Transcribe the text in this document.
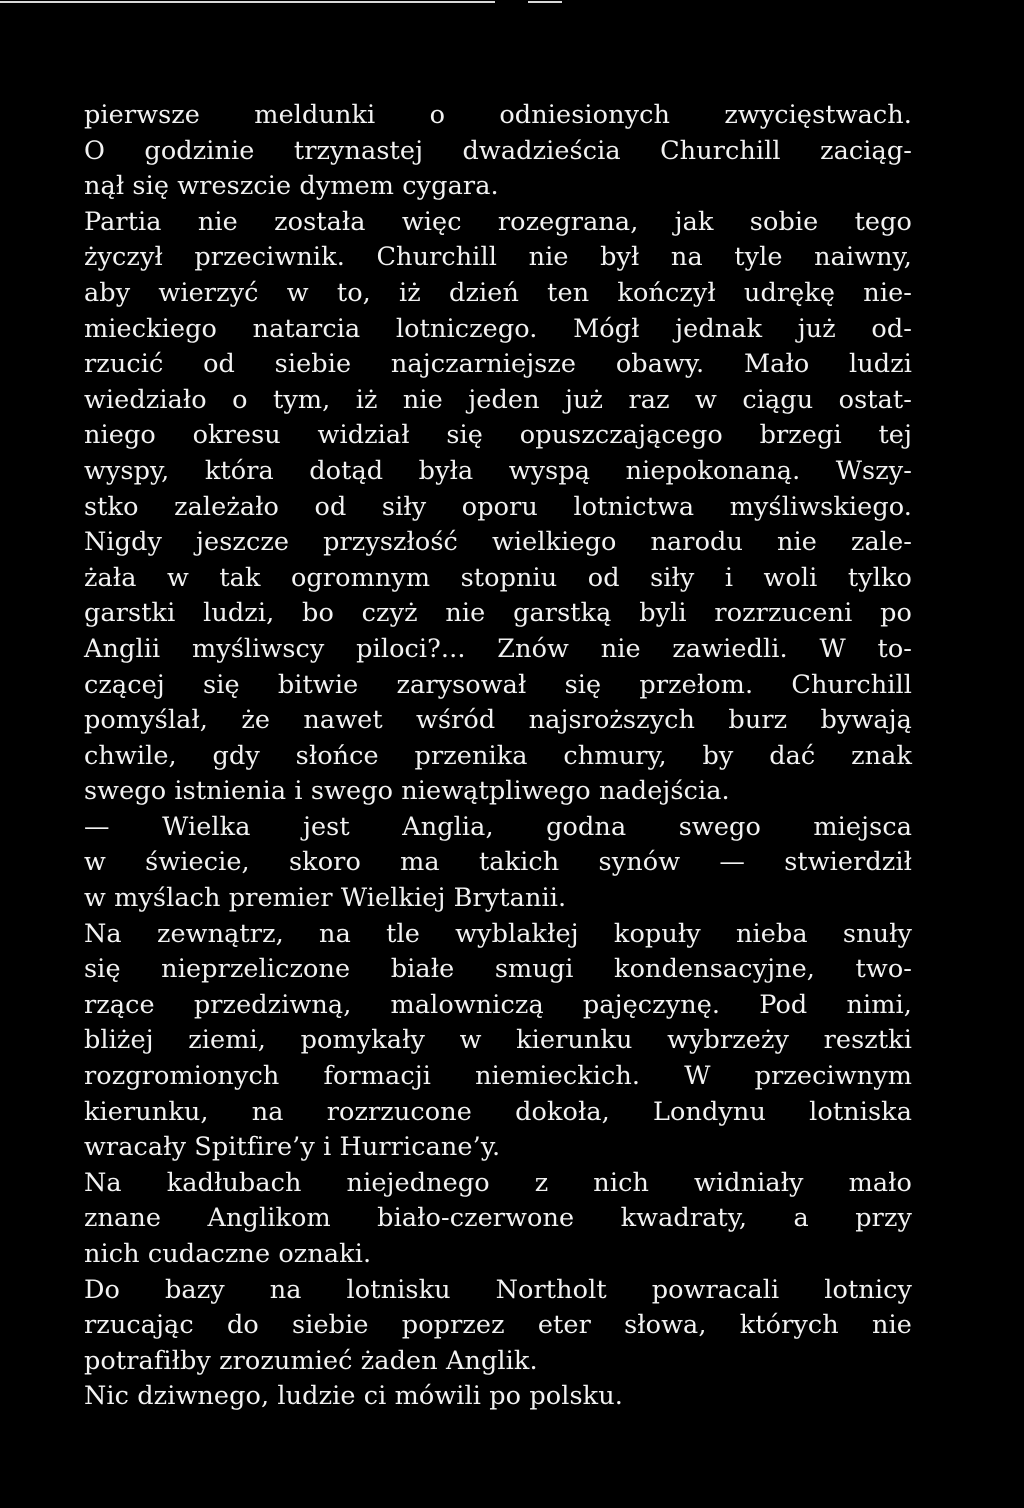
pierwsze meldunki o odniesionych zwycięstwach.
O godzinie trzynastej dwadzieścia Churchill zaciąg-
nął się wreszcie dymem cygara.
Partia nie została więc rozegrana, jak sobie tego
życzył przeciwnik. Churchill nie był na tyle naiwny,
aby wierzyć w to, iż dzień ten kończył udrękę nie-
mieckiego natarcia lotniczego. Mógł jednak już od-
rzucić od siebie najczarniejsze obawy. Mało ludzi
wiedziało o tym, iż nie jeden już raz w ciągu ostat-
niego okresu widział się opuszczającego brzegi tej
wyspy, która dotąd była wyspą niepokonaną. Wszy-
stko zależało od siły oporu lotnictwa myśliwskiego.
Nigdy jeszcze przyszłość wielkiego narodu nie zale-
żała w tak ogromnym stopniu od siły i woli tylko
garstki ludzi, bo czyż nie garstką byli rozrzuceni po
Anglii myśliwscy piloci?... Znów nie zawiedli. W to-
czącej się bitwie zarysował się przełom. Churchill
pomyślał, że nawet wśród najsroższych burz bywają
chwile, gdy słońce przenika chmury, by dać znak
swego istnienia i swego niewątpliwego nadejścia.
— Wielka jest Anglia, godna swego miejsca
w świecie, skoro ma takich synów — stwierdził
w myślach premier Wielkiej Brytanii.
Na zewnątrz, na tle wyblakłej kopuły nieba snuły
się nieprzeliczone białe smugi kondensacyjne, two-
rzące przedziwną, malowniczą pajęczynę. Pod nimi,
bliżej ziemi, pomykały w kierunku wybrzeży resztki
rozgromionych formacji niemieckich. W przeciwnym
kierunku, na rozrzucone dokoła, Londynu lotniska
wracały Spitfire’y i Hurricane’y.
Na kadłubach niejednego z nich widniały mało
znane Anglikom biało-czerwone kwadraty, a przy
nich cudaczne oznaki.
Do bazy na lotnisku Northolt powracali lotnicy
rzucając do siebie poprzez eter słowa, których nie
potrafiłby zrozumieć żaden Anglik.
Nic dziwnego, ludzie ci mówili po polsku.
